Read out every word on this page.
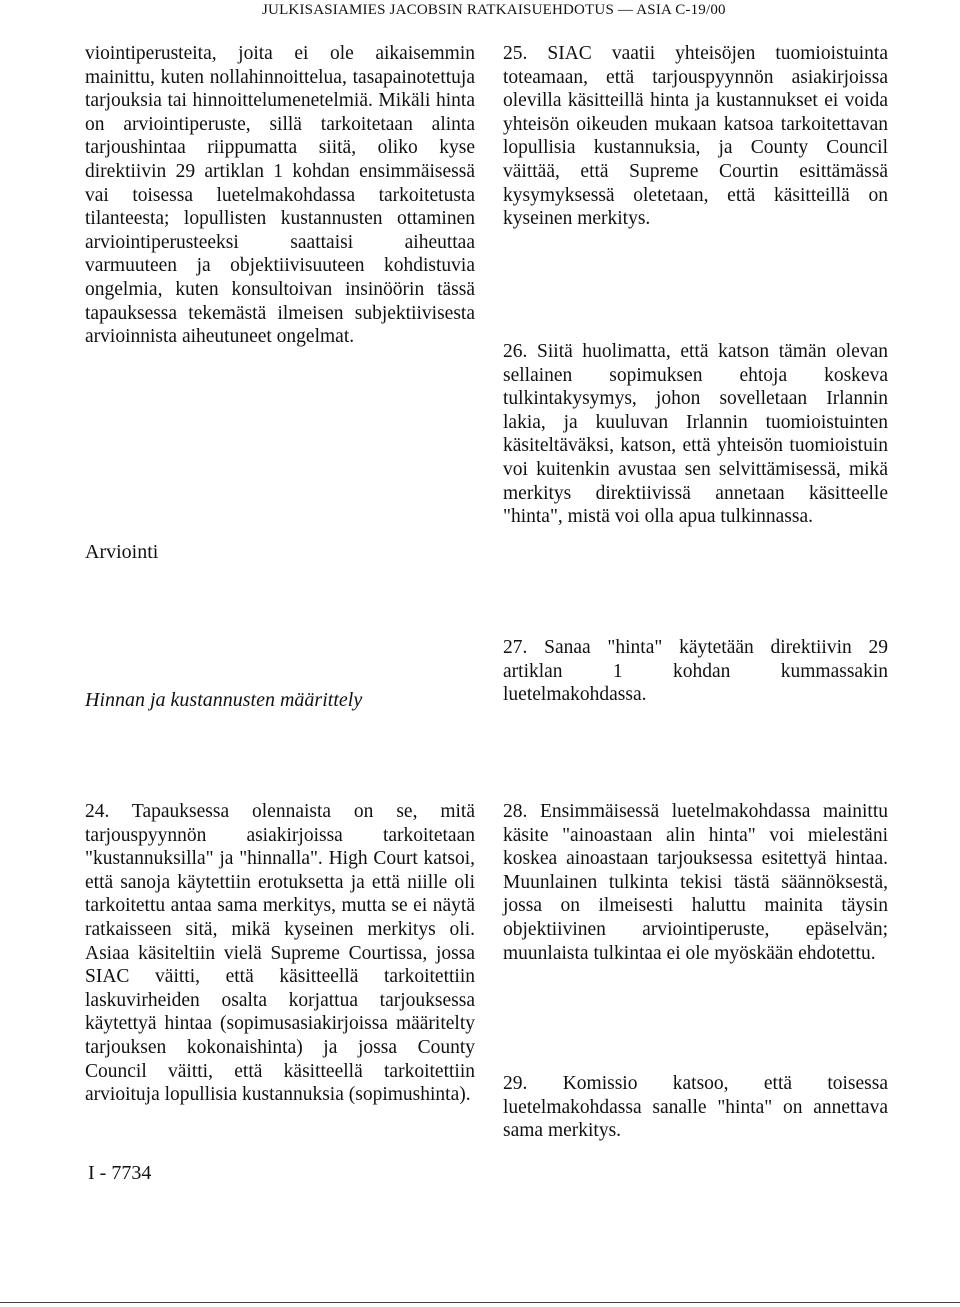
JULKISASIAMIES JACOBSIN RATKAISUEHDOTUS — ASIA C-19/00

viointiperusteita, joita ei ole aikaisemmin mainittu, kuten nollahinnoittelua, tasapainotettuja tarjouksia tai hinnoittelumenetelmiä. Mikäli hinta on arviointiperuste, sillä tarkoitetaan alinta tarjoushintaa riippumatta siitä, oliko kyse direktiivin 29 artiklan 1 kohdan ensimmäisessä vai toisessa luetelmakohdassa tarkoitetusta tilanteesta; lopullisten kustannusten ottaminen arviointiperusteeksi saattaisi aiheuttaa varmuuteen ja objektiivisuuteen kohdistuvia ongelmia, kuten konsultoivan insinöörin tässä tapauksessa tekemästä ilmeisen subjektiivisesta arvioinnista aiheutuneet ongelmat.

Arviointi
Hinnan ja kustannusten määrittely

24. Tapauksessa olennaista on se, mitä tarjouspyynnön asiakirjoissa tarkoitetaan "kustannuksilla" ja "hinnalla". High Court katsoi, että sanoja käytettiin erotuksetta ja että niille oli tarkoitettu antaa sama merkitys, mutta se ei näytä ratkaisseen sitä, mikä kyseinen merkitys oli. Asiaa käsiteltiin vielä Supreme Courtissa, jossa SIAC väitti, että käsitteellä tarkoitettiin laskuvirheiden osalta korjattua tarjouksessa käytettyä hintaa (sopimusasiakirjoissa määritelty tarjouksen kokonaishinta) ja jossa County Council väitti, että käsitteellä tarkoitettiin arvioituja lopullisia kustannuksia (sopimushinta).

25. SIAC vaatii yhteisöjen tuomioistuinta toteamaan, että tarjouspyynnön asiakirjoissa olevilla käsitteillä hinta ja kustannukset ei voida yhteisön oikeuden mukaan katsoa tarkoitettavan lopullisia kustannuksia, ja County Council väittää, että Supreme Courtin esittämässä kysymyksessä oletetaan, että käsitteillä on kyseinen merkitys.

26. Siitä huolimatta, että katson tämän olevan sellainen sopimuksen ehtoja koskeva tulkintakysymys, johon sovelletaan Irlannin lakia, ja kuuluvan Irlannin tuomioistuinten käsiteltäväksi, katson, että yhteisön tuomioistuin voi kuitenkin avustaa sen selvittämisessä, mikä merkitys direktiivissä annetaan käsitteelle "hinta", mistä voi olla apua tulkinnassa.

27. Sanaa "hinta" käytetään direktiivin 29 artiklan 1 kohdan kummassakin luetelmakohdassa.

28. Ensimmäisessä luetelmakohdassa mainittu käsite "ainoastaan alin hinta" voi mielestäni koskea ainoastaan tarjouksessa esitettyä hintaa. Muunlainen tulkinta tekisi tästä säännöksestä, jossa on ilmeisesti haluttu mainita täysin objektiivinen arviointiperuste, epäselvän; muunlaista tulkintaa ei ole myöskään ehdotettu.

29. Komissio katsoo, että toisessa luetelmakohdassa sanalle "hinta" on annettava sama merkitys.

I - 7734
